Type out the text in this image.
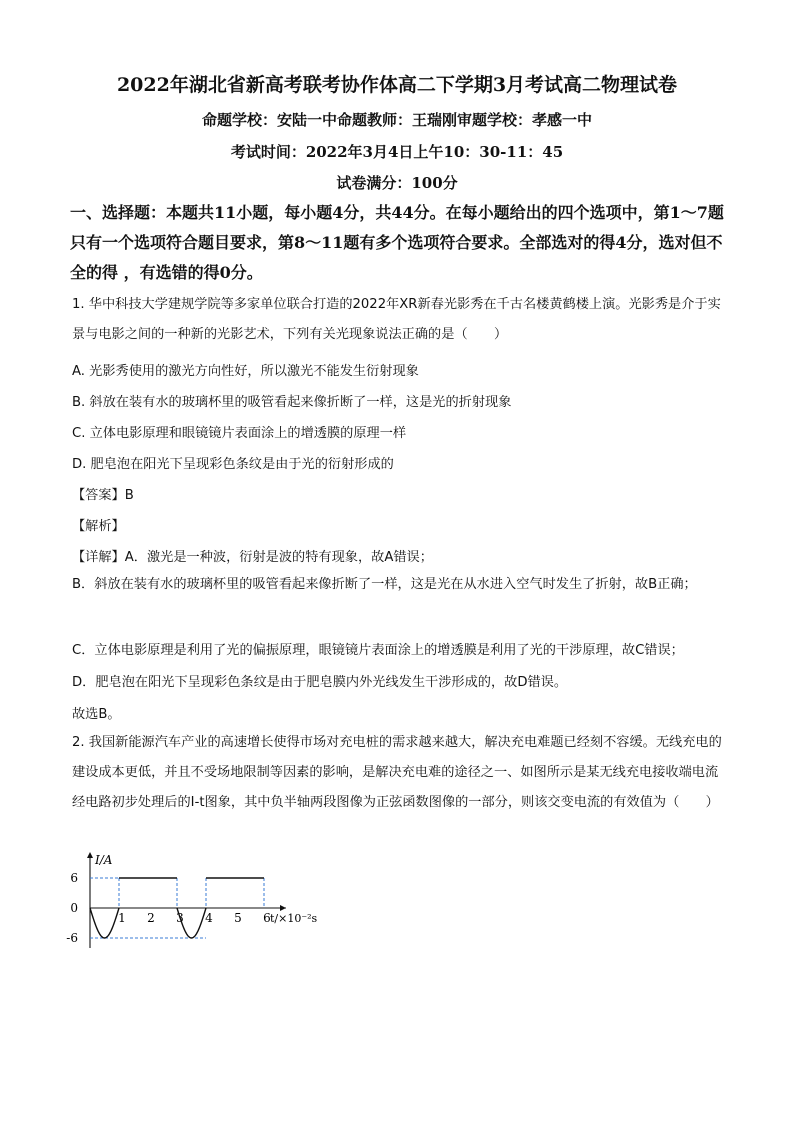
2022年湖北省新高考联考协作体高二下学期3月考试高二物理试卷
命题学校：安陆一中命题教师：王瑞刚审题学校：孝感一中
考试时间：2022年3月4日上午10：30-11：45
试卷满分：100分
一、选择题：本题共11小题，每小题4分，共44分。在每小题给出的四个选项中，第1～7题只有一个选项符合题目要求，第8～11题有多个选项符合要求。全部选对的得4分，选对但不全的得 ，有选错的得0分。
1. 华中科技大学建规学院等多家单位联合打造的2022年XR新春光影秀在千古名楼黄鹤楼上演。光影秀是介于实景与电影之间的一种新的光影艺术，下列有关光现象说法正确的是（　　）
A. 光影秀使用的激光方向性好，所以激光不能发生衍射现象
B. 斜放在装有水的玻璃杯里的吸管看起来像折断了一样，这是光的折射现象
C. 立体电影原理和眼镜镜片表面涂上的增透膜的原理一样
D. 肥皂泡在阳光下呈现彩色条纹是由于光的衍射形成的
【答案】B
【解析】
【详解】A．激光是一种波，衍射是波的特有现象，故A错误；
B．斜放在装有水的玻璃杯里的吸管看起来像折断了一样，这是光在从水进入空气时发生了折射，故B正确；
C．立体电影原理是利用了光的偏振原理，眼镜镜片表面涂上的增透膜是利用了光的干涉原理，故C错误；
D．肥皂泡在阳光下呈现彩色条纹是由于肥皂膜内外光线发生干涉形成的，故D错误。
故选B。
2. 我国新能源汽车产业的高速增长使得市场对充电桩的需求越来越大，解决充电难题已经刻不容缓。无线充电的建设成本更低，并且不受场地限制等因素的影响，是解决充电难的途径之一、如图所示是某无线充电接收端电流经电路初步处理后的I-t图象，其中负半轴两段图像为正弦函数图像的一部分，则该交变电流的有效值为（　　）
I/A
t/×10⁻²s
6
0
-6
1 2 3 4 5 6
